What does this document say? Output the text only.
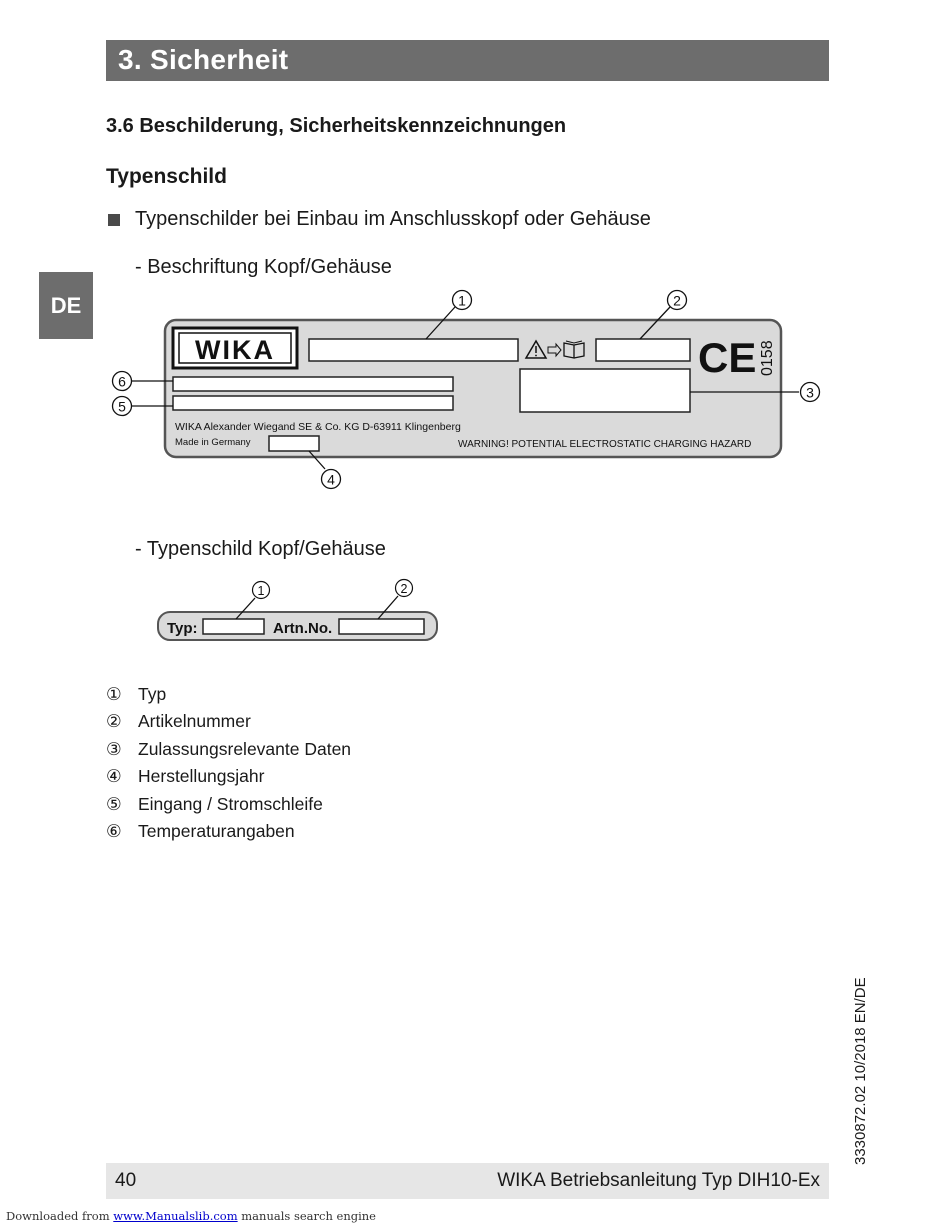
3. Sicherheit
DE
3.6 Beschilderung, Sicherheitskennzeichnungen
Typenschild
Typenschilder bei Einbau im Anschlusskopf oder Gehäuse
- Beschriftung Kopf/Gehäuse
- Typenschild Kopf/Gehäuse
WIKA	CE 0158
WIKA Alexander Wiegand SE & Co. KG D-63911 Klingenberg
Made in Germany	WARNING! POTENTIAL ELECTROSTATIC CHARGING HAZARD
1	2
3
4
5
6
Typ:	Artn.No.
1	2
① Typ
② Artikelnummer
③ Zulassungsrelevante Daten
④ Herstellungsjahr
⑤ Eingang / Stromschleife
⑥ Temperaturangaben
3330872.02 10/2018 EN/DE
40	WIKA Betriebsanleitung Typ DIH10-Ex
Downloaded from www.Manualslib.com manuals search engine
